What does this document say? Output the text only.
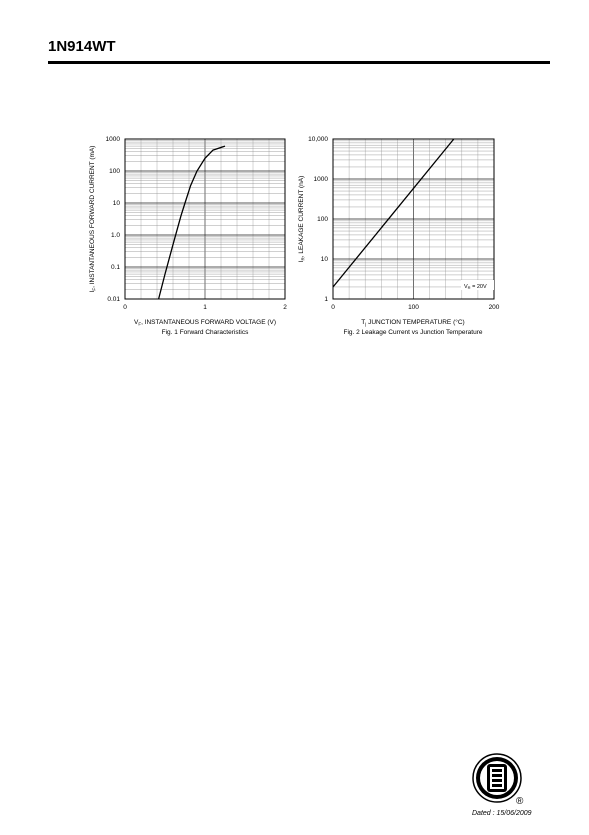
1N914WT
0.01
0.1
1.0
10
100
1000
0	1	2
$V_F$, INSTANTANEOUS FORWARD VOLTAGE (V)
Fig. 1 Forward Characteristics
$I_F$, INSTANTANEOUS FORWARD CURRENT (mA)
1
10
100
1000
10,000
0	100	200
$V_R = 20V$
$T_j$ JUNCTION TEMPERATURE (°C)
Fig. 2 Leakage Current vs Junction Temperature
$I_R$, LEAKAGE CURRENT (nA)
®
Dated : 15/06/2009
